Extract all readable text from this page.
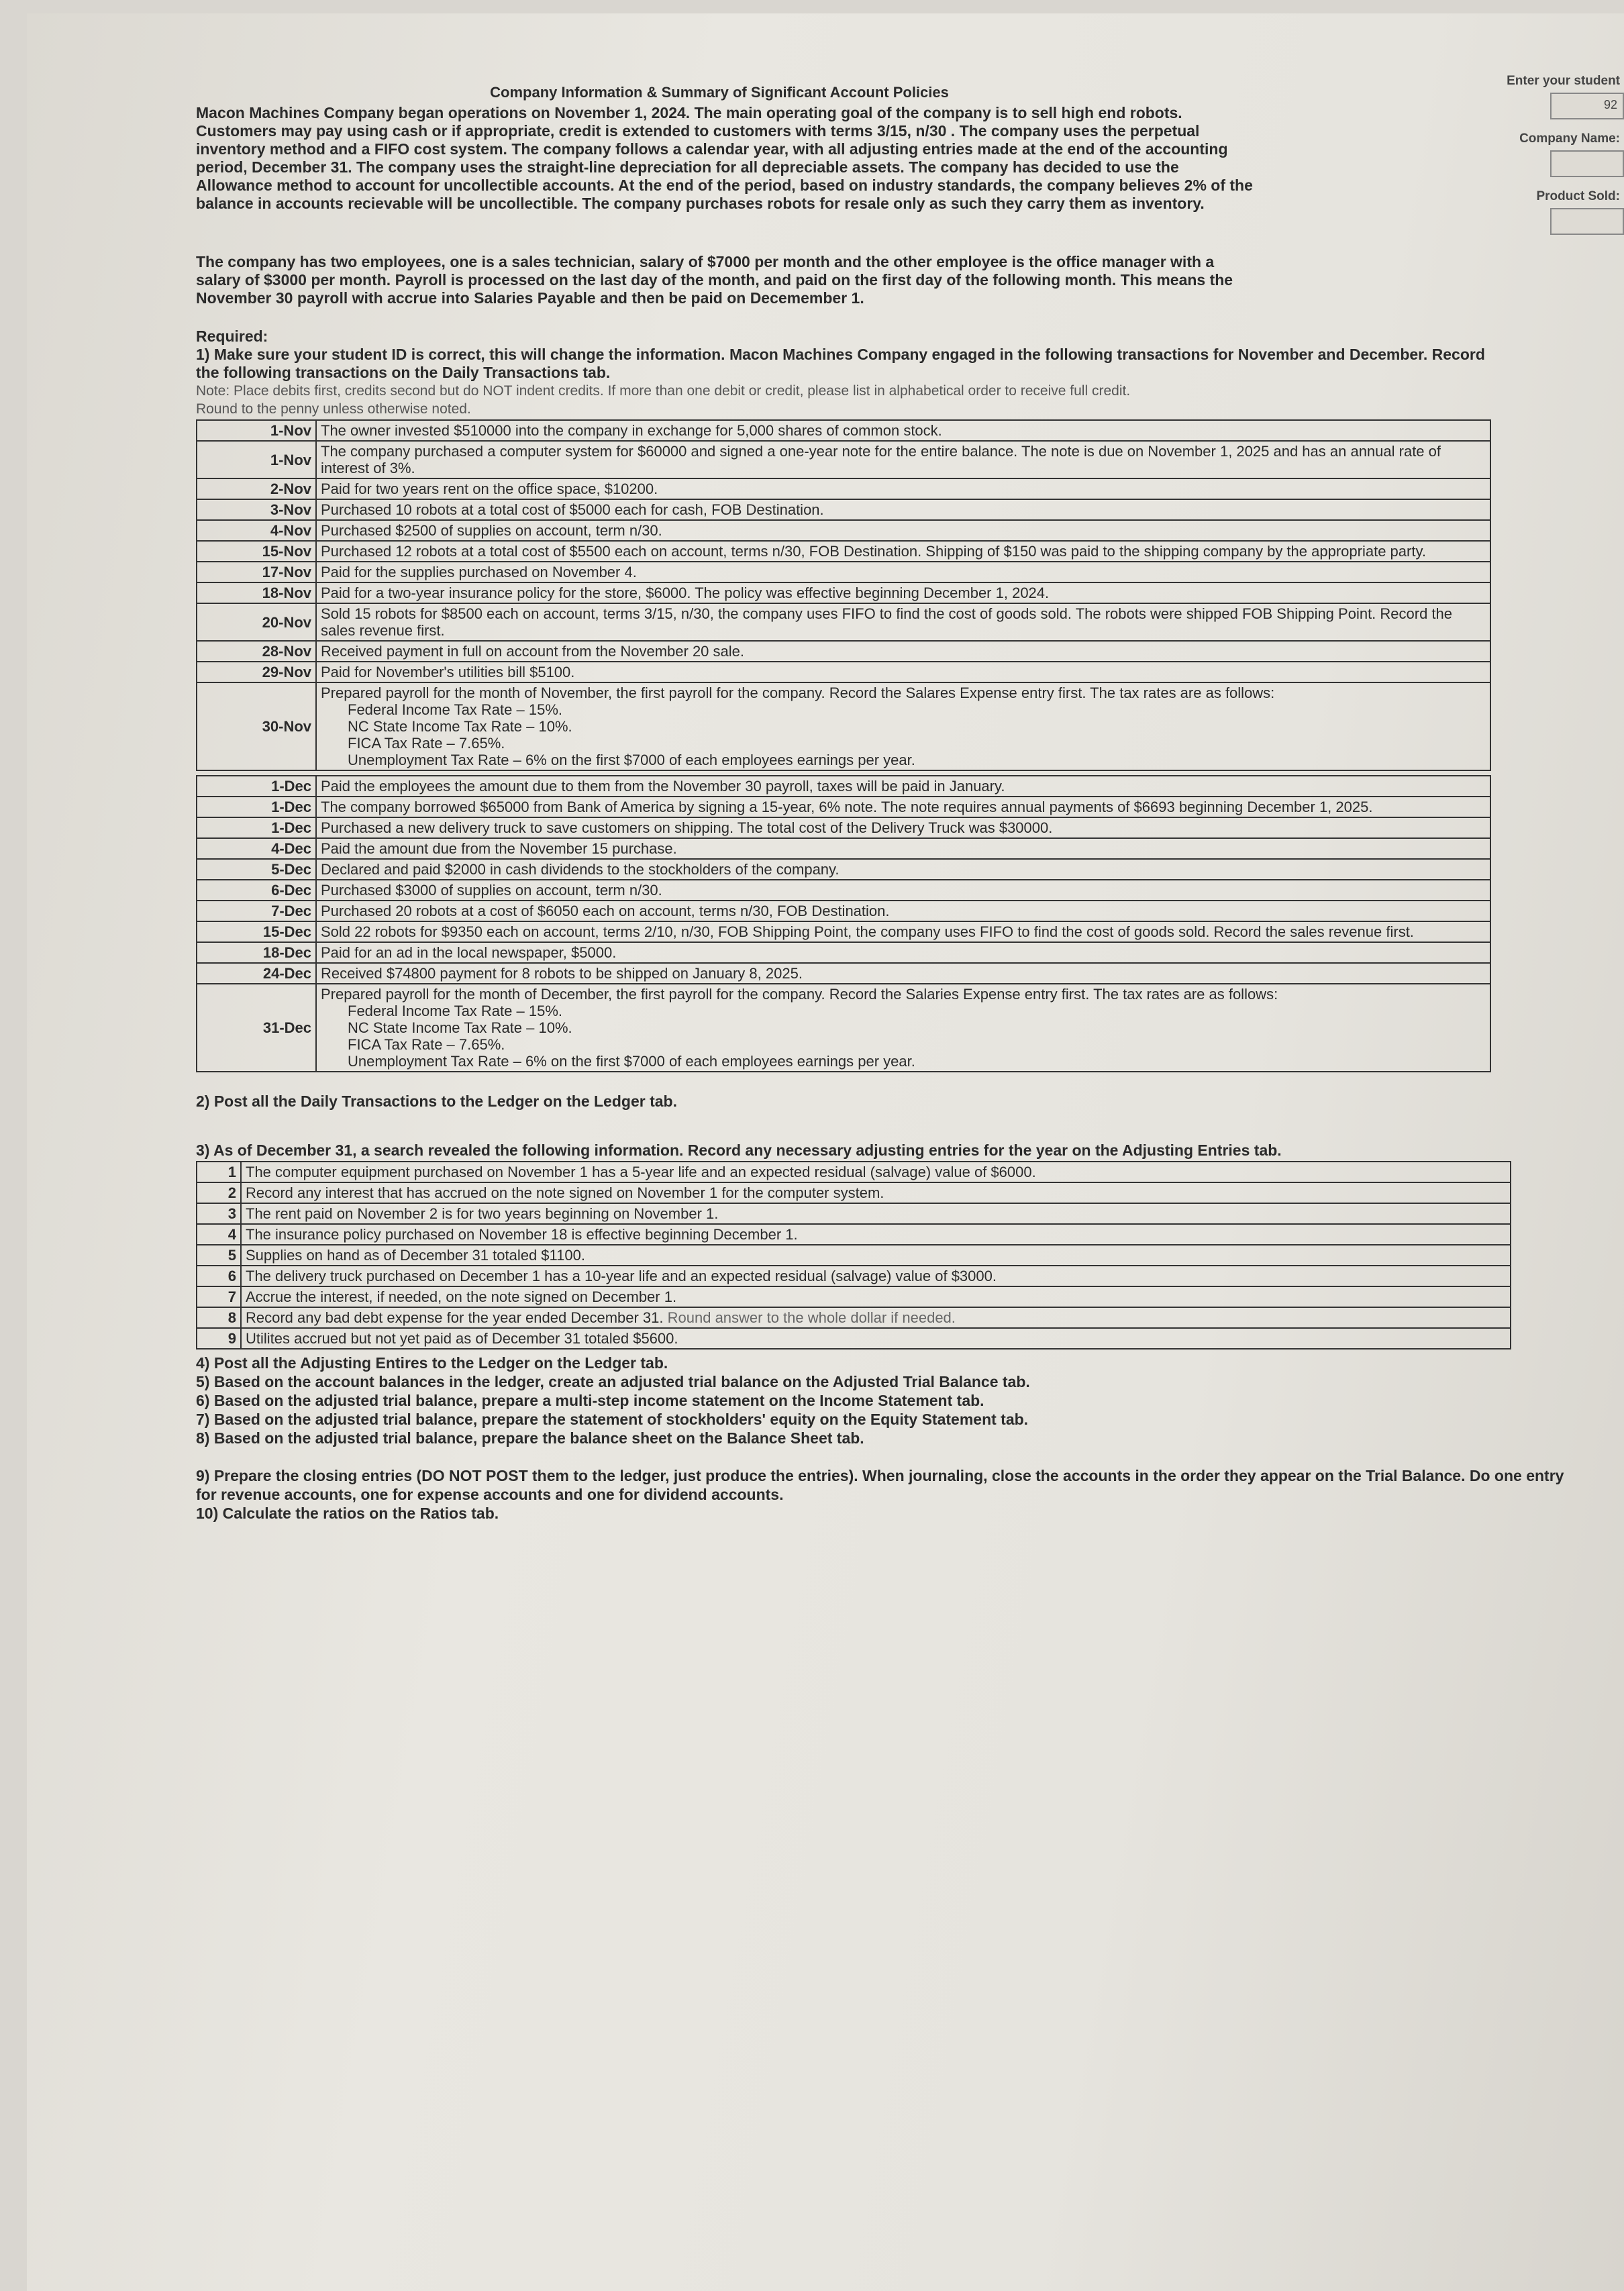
Enter your student
92
Company Name:
Product Sold:
Company Information & Summary of Significant Account Policies
Macon Machines Company began operations on November 1, 2024. The main operating goal of the company is to sell high end robots. Customers may pay using cash or if appropriate, credit is extended to customers with terms 3/15, n/30 . The company uses the perpetual inventory method and a FIFO cost system. The company follows a calendar year, with all adjusting entries made at the end of the accounting period, December 31. The company uses the straight-line depreciation for all depreciable assets. The company has decided to use the Allowance method to account for uncollectible accounts. At the end of the period, based on industry standards, the company believes 2% of the balance in accounts recievable will be uncollectible. The company purchases robots for resale only as such they carry them as inventory.
The company has two employees, one is a sales technician, salary of $7000 per month and the other employee is the office manager with a salary of $3000 per month. Payroll is processed on the last day of the month, and paid on the first day of the following month. This means the November 30 payroll with accrue into Salaries Payable and then be paid on Decemember 1.
Required:
1) Make sure your student ID is correct, this will change the information. Macon Machines Company engaged in the following transactions for November and December. Record the following transactions on the Daily Transactions tab.
Note: Place debits first, credits second but do NOT indent credits. If more than one debit or credit, please list in alphabetical order to receive full credit.
Round to the penny unless otherwise noted.
1-Nov	The owner invested $510000 into the company in exchange for 5,000 shares of common stock.
1-Nov	The company purchased a computer system for $60000 and signed a one-year note for the entire balance. The note is due on November 1, 2025 and has an annual rate of interest of 3%.
2-Nov	Paid for two years rent on the office space, $10200.
3-Nov	Purchased 10 robots at a total cost of $5000 each for cash, FOB Destination.
4-Nov	Purchased $2500 of supplies on account, term n/30.
15-Nov	Purchased 12 robots at a total cost of $5500 each on account, terms n/30, FOB Destination. Shipping of $150 was paid to the shipping company by the appropriate party.
17-Nov	Paid for the supplies purchased on November 4.
18-Nov	Paid for a two-year insurance policy for the store, $6000. The policy was effective beginning December 1, 2024.
20-Nov	Sold 15 robots for $8500 each on account, terms 3/15, n/30, the company uses FIFO to find the cost of goods sold. The robots were shipped FOB Shipping Point. Record the sales revenue first.
28-Nov	Received payment in full on account from the November 20 sale.
29-Nov	Paid for November's utilities bill $5100.
30-Nov	Prepared payroll for the month of November, the first payroll for the company. Record the Salares Expense entry first. The tax rates are as follows:
Federal Income Tax Rate – 15%.
NC State Income Tax Rate – 10%.
FICA Tax Rate – 7.65%.
Unemployment Tax Rate – 6% on the first $7000 of each employees earnings per year.
1-Dec	Paid the employees the amount due to them from the November 30 payroll, taxes will be paid in January.
1-Dec	The company borrowed $65000 from Bank of America by signing a 15-year, 6% note. The note requires annual payments of $6693 beginning December 1, 2025.
1-Dec	Purchased a new delivery truck to save customers on shipping. The total cost of the Delivery Truck was $30000.
4-Dec	Paid the amount due from the November 15 purchase.
5-Dec	Declared and paid $2000 in cash dividends to the stockholders of the company.
6-Dec	Purchased $3000 of supplies on account, term n/30.
7-Dec	Purchased 20 robots at a cost of $6050 each on account, terms n/30, FOB Destination.
15-Dec	Sold 22 robots for $9350 each on account, terms 2/10, n/30, FOB Shipping Point, the company uses FIFO to find the cost of goods sold. Record the sales revenue first.
18-Dec	Paid for an ad in the local newspaper, $5000.
24-Dec	Received $74800 payment for 8 robots to be shipped on January 8, 2025.
31-Dec	Prepared payroll for the month of December, the first payroll for the company. Record the Salaries Expense entry first. The tax rates are as follows:
Federal Income Tax Rate – 15%.
NC State Income Tax Rate – 10%.
FICA Tax Rate – 7.65%.
Unemployment Tax Rate – 6% on the first $7000 of each employees earnings per year.
2) Post all the Daily Transactions to the Ledger on the Ledger tab.
3) As of December 31, a search revealed the following information. Record any necessary adjusting entries for the year on the Adjusting Entries tab.
1	The computer equipment purchased on November 1 has a 5-year life and an expected residual (salvage) value of $6000.
2	Record any interest that has accrued on the note signed on November 1 for the computer system.
3	The rent paid on November 2 is for two years beginning on November 1.
4	The insurance policy purchased on November 18 is effective beginning December 1.
5	Supplies on hand as of December 31 totaled $1100.
6	The delivery truck purchased on December 1 has a 10-year life and an expected residual (salvage) value of $3000.
7	Accrue the interest, if needed, on the note signed on December 1.
8	Record any bad debt expense for the year ended December 31. Round answer to the whole dollar if needed.
9	Utilites accrued but not yet paid as of December 31 totaled $5600.
4) Post all the Adjusting Entires to the Ledger on the Ledger tab.
5) Based on the account balances in the ledger, create an adjusted trial balance on the Adjusted Trial Balance tab.
6) Based on the adjusted trial balance, prepare a multi-step income statement on the Income Statement tab.
7) Based on the adjusted trial balance, prepare the statement of stockholders' equity on the Equity Statement tab.
8) Based on the adjusted trial balance, prepare the balance sheet on the Balance Sheet tab.
9) Prepare the closing entries (DO NOT POST them to the ledger, just produce the entries). When journaling, close the accounts in the order they appear on the Trial Balance. Do one entry for revenue accounts, one for expense accounts and one for dividend accounts.
10) Calculate the ratios on the Ratios tab.
